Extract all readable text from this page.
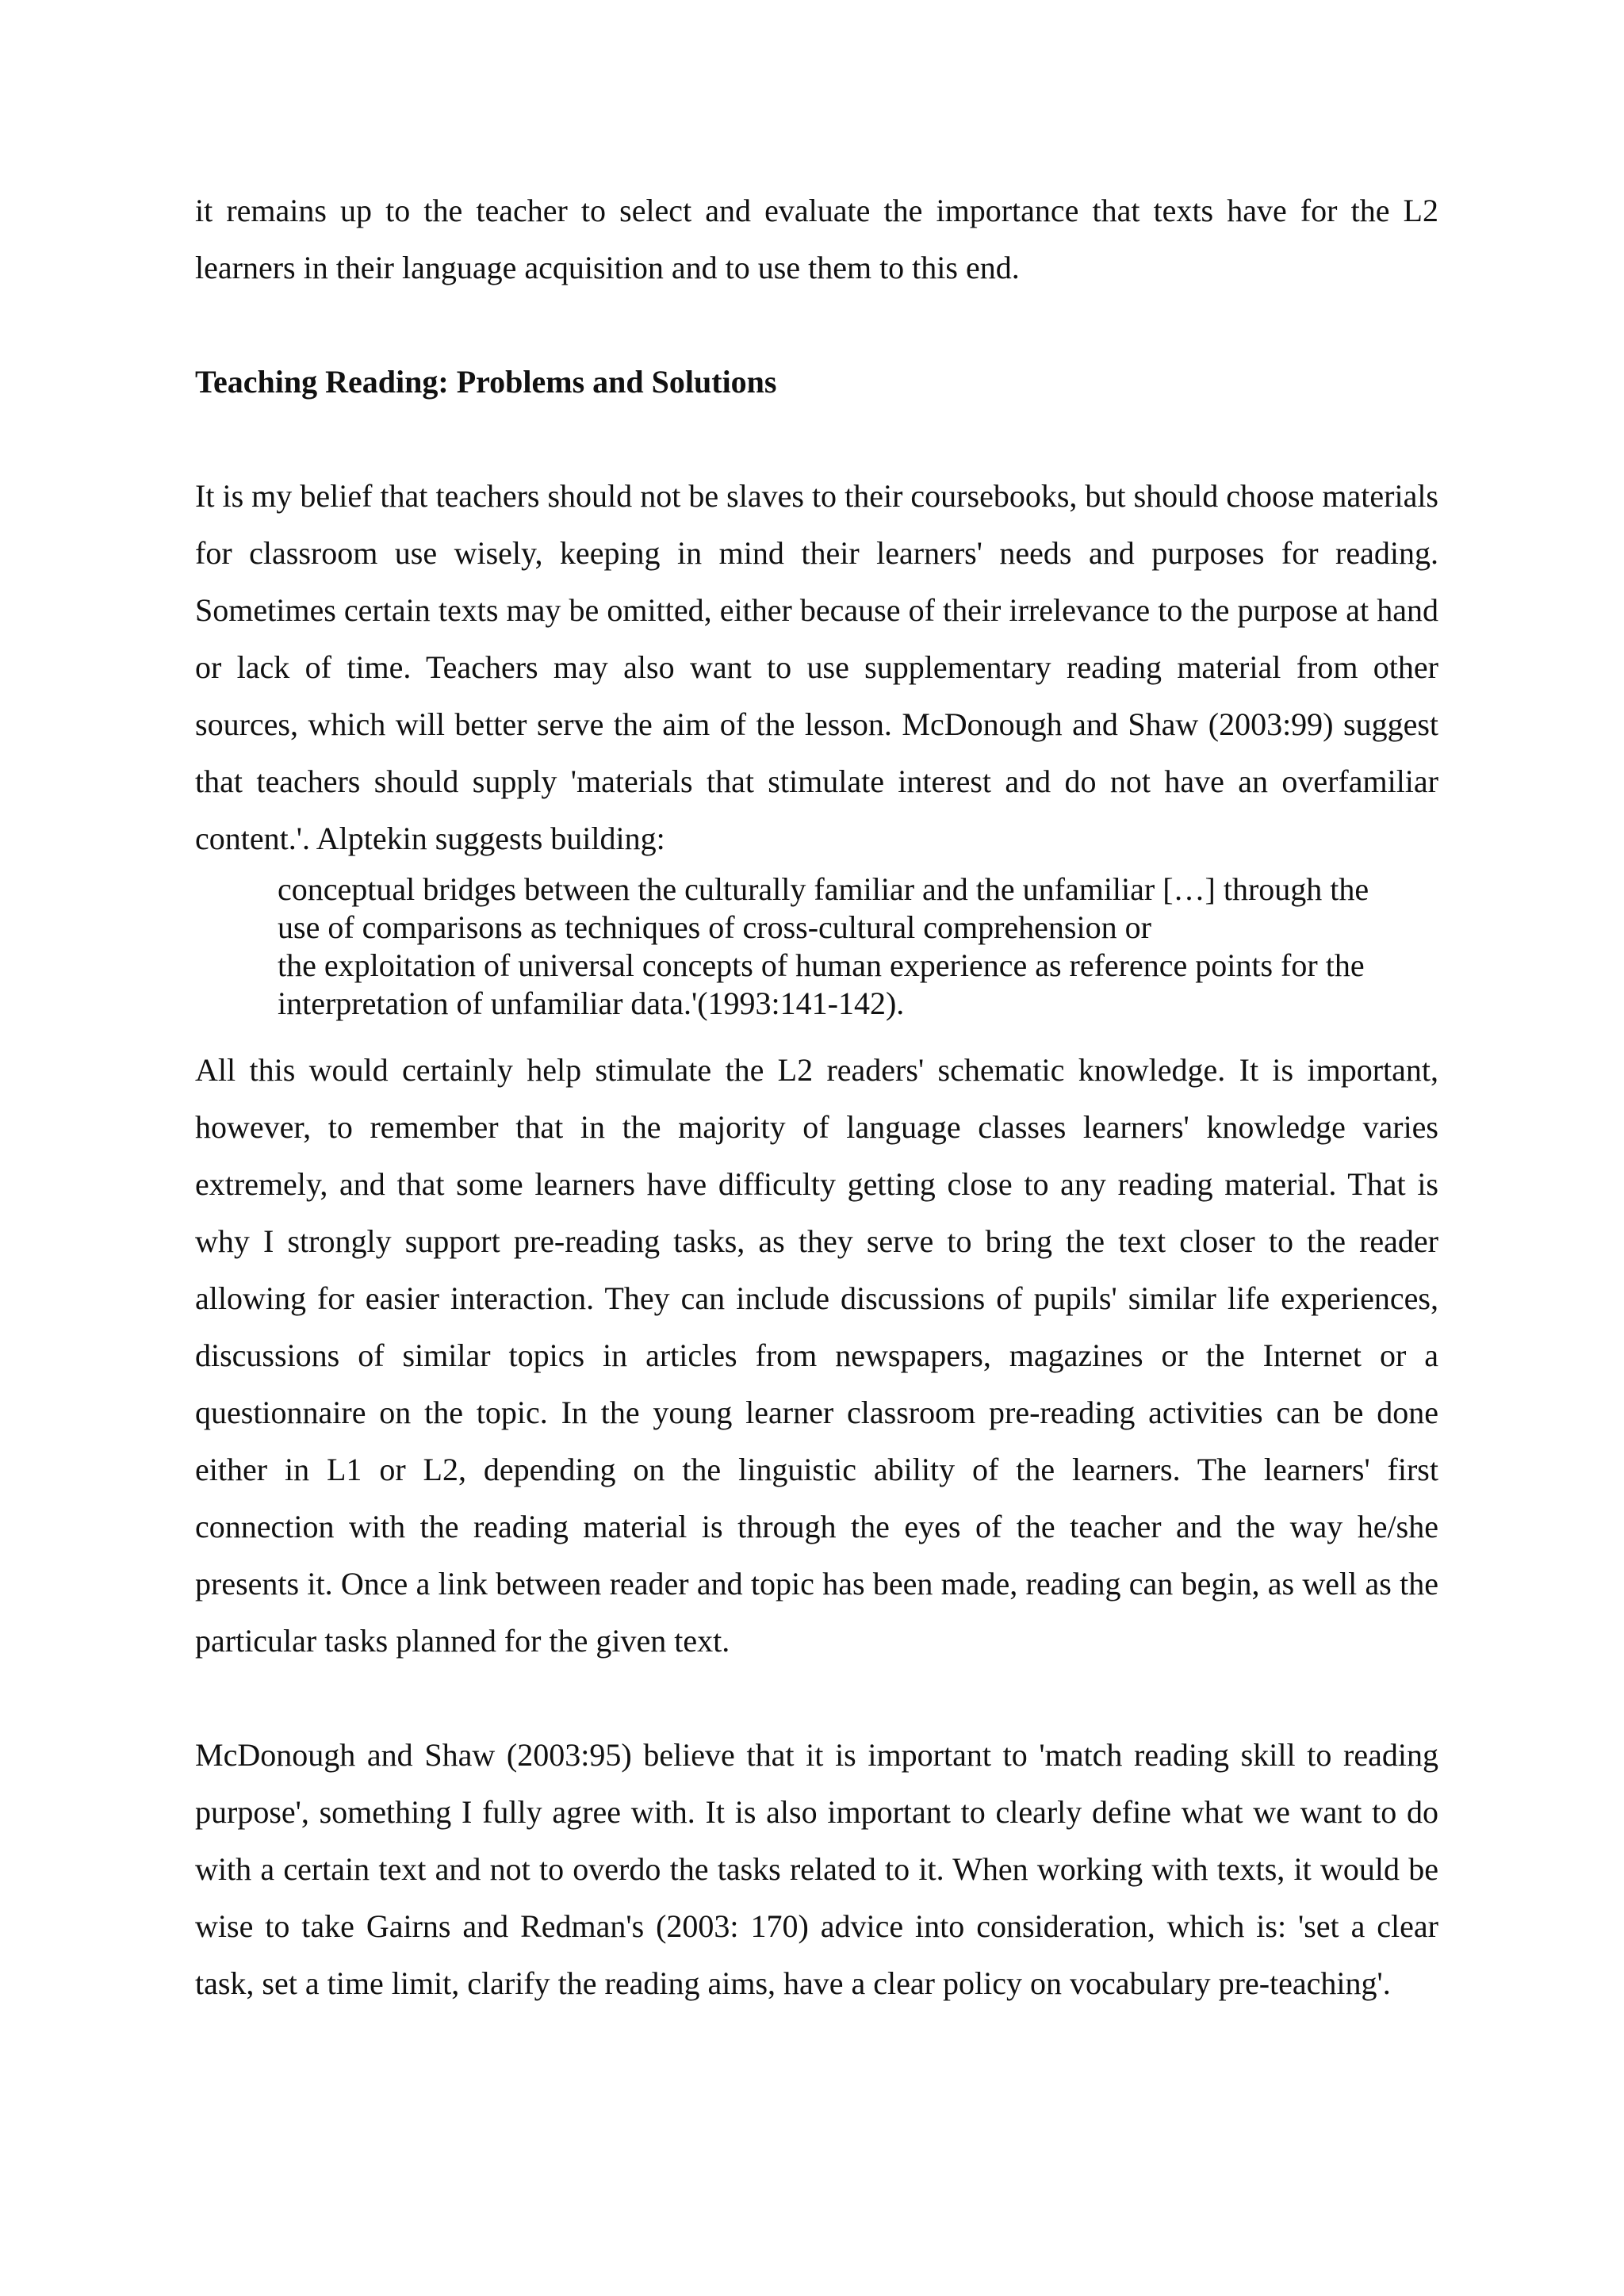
it remains up to the teacher to select and evaluate the importance that texts have for the L2 learners in their language acquisition and to use them to this end.

Teaching Reading: Problems and Solutions

It is my belief that teachers should not be slaves to their coursebooks, but should choose materials for classroom use wisely, keeping in mind their learners' needs and purposes for reading. Sometimes certain texts may be omitted, either because of their irrelevance to the purpose at hand or lack of time. Teachers may also want to use supplementary reading material from other sources, which will better serve the aim of the lesson. McDonough and Shaw (2003:99) suggest that teachers should supply 'materials that stimulate interest and do not have an overfamiliar content.'. Alptekin suggests building:

conceptual bridges between the culturally familiar and the unfamiliar […] through the
use of comparisons as techniques of cross-cultural comprehension or
the exploitation of universal concepts of human experience as reference points for the
interpretation of unfamiliar data.'(1993:141-142).

All this would certainly help stimulate the L2 readers' schematic knowledge. It is important, however, to remember that in the majority of language classes learners' knowledge varies extremely, and that some learners have difficulty getting close to any reading material. That is why I strongly support pre-reading tasks, as they serve to bring the text closer to the reader allowing for easier interaction. They can include discussions of pupils' similar life experiences, discussions of similar topics in articles from newspapers, magazines or the Internet or a questionnaire on the topic. In the young learner classroom pre-reading activities can be done either in L1 or L2, depending on the linguistic ability of the learners. The learners' first connection with the reading material is through the eyes of the teacher and the way he/she presents it. Once a link between reader and topic has been made, reading can begin, as well as the particular tasks planned for the given text.

McDonough and Shaw (2003:95) believe that it is important to 'match reading skill to reading purpose', something I fully agree with. It is also important to clearly define what we want to do with a certain text and not to overdo the tasks related to it. When working with texts, it would be wise to take Gairns and Redman's (2003: 170) advice into consideration, which is: 'set a clear task, set a time limit, clarify the reading aims, have a clear policy on vocabulary pre-teaching'.
